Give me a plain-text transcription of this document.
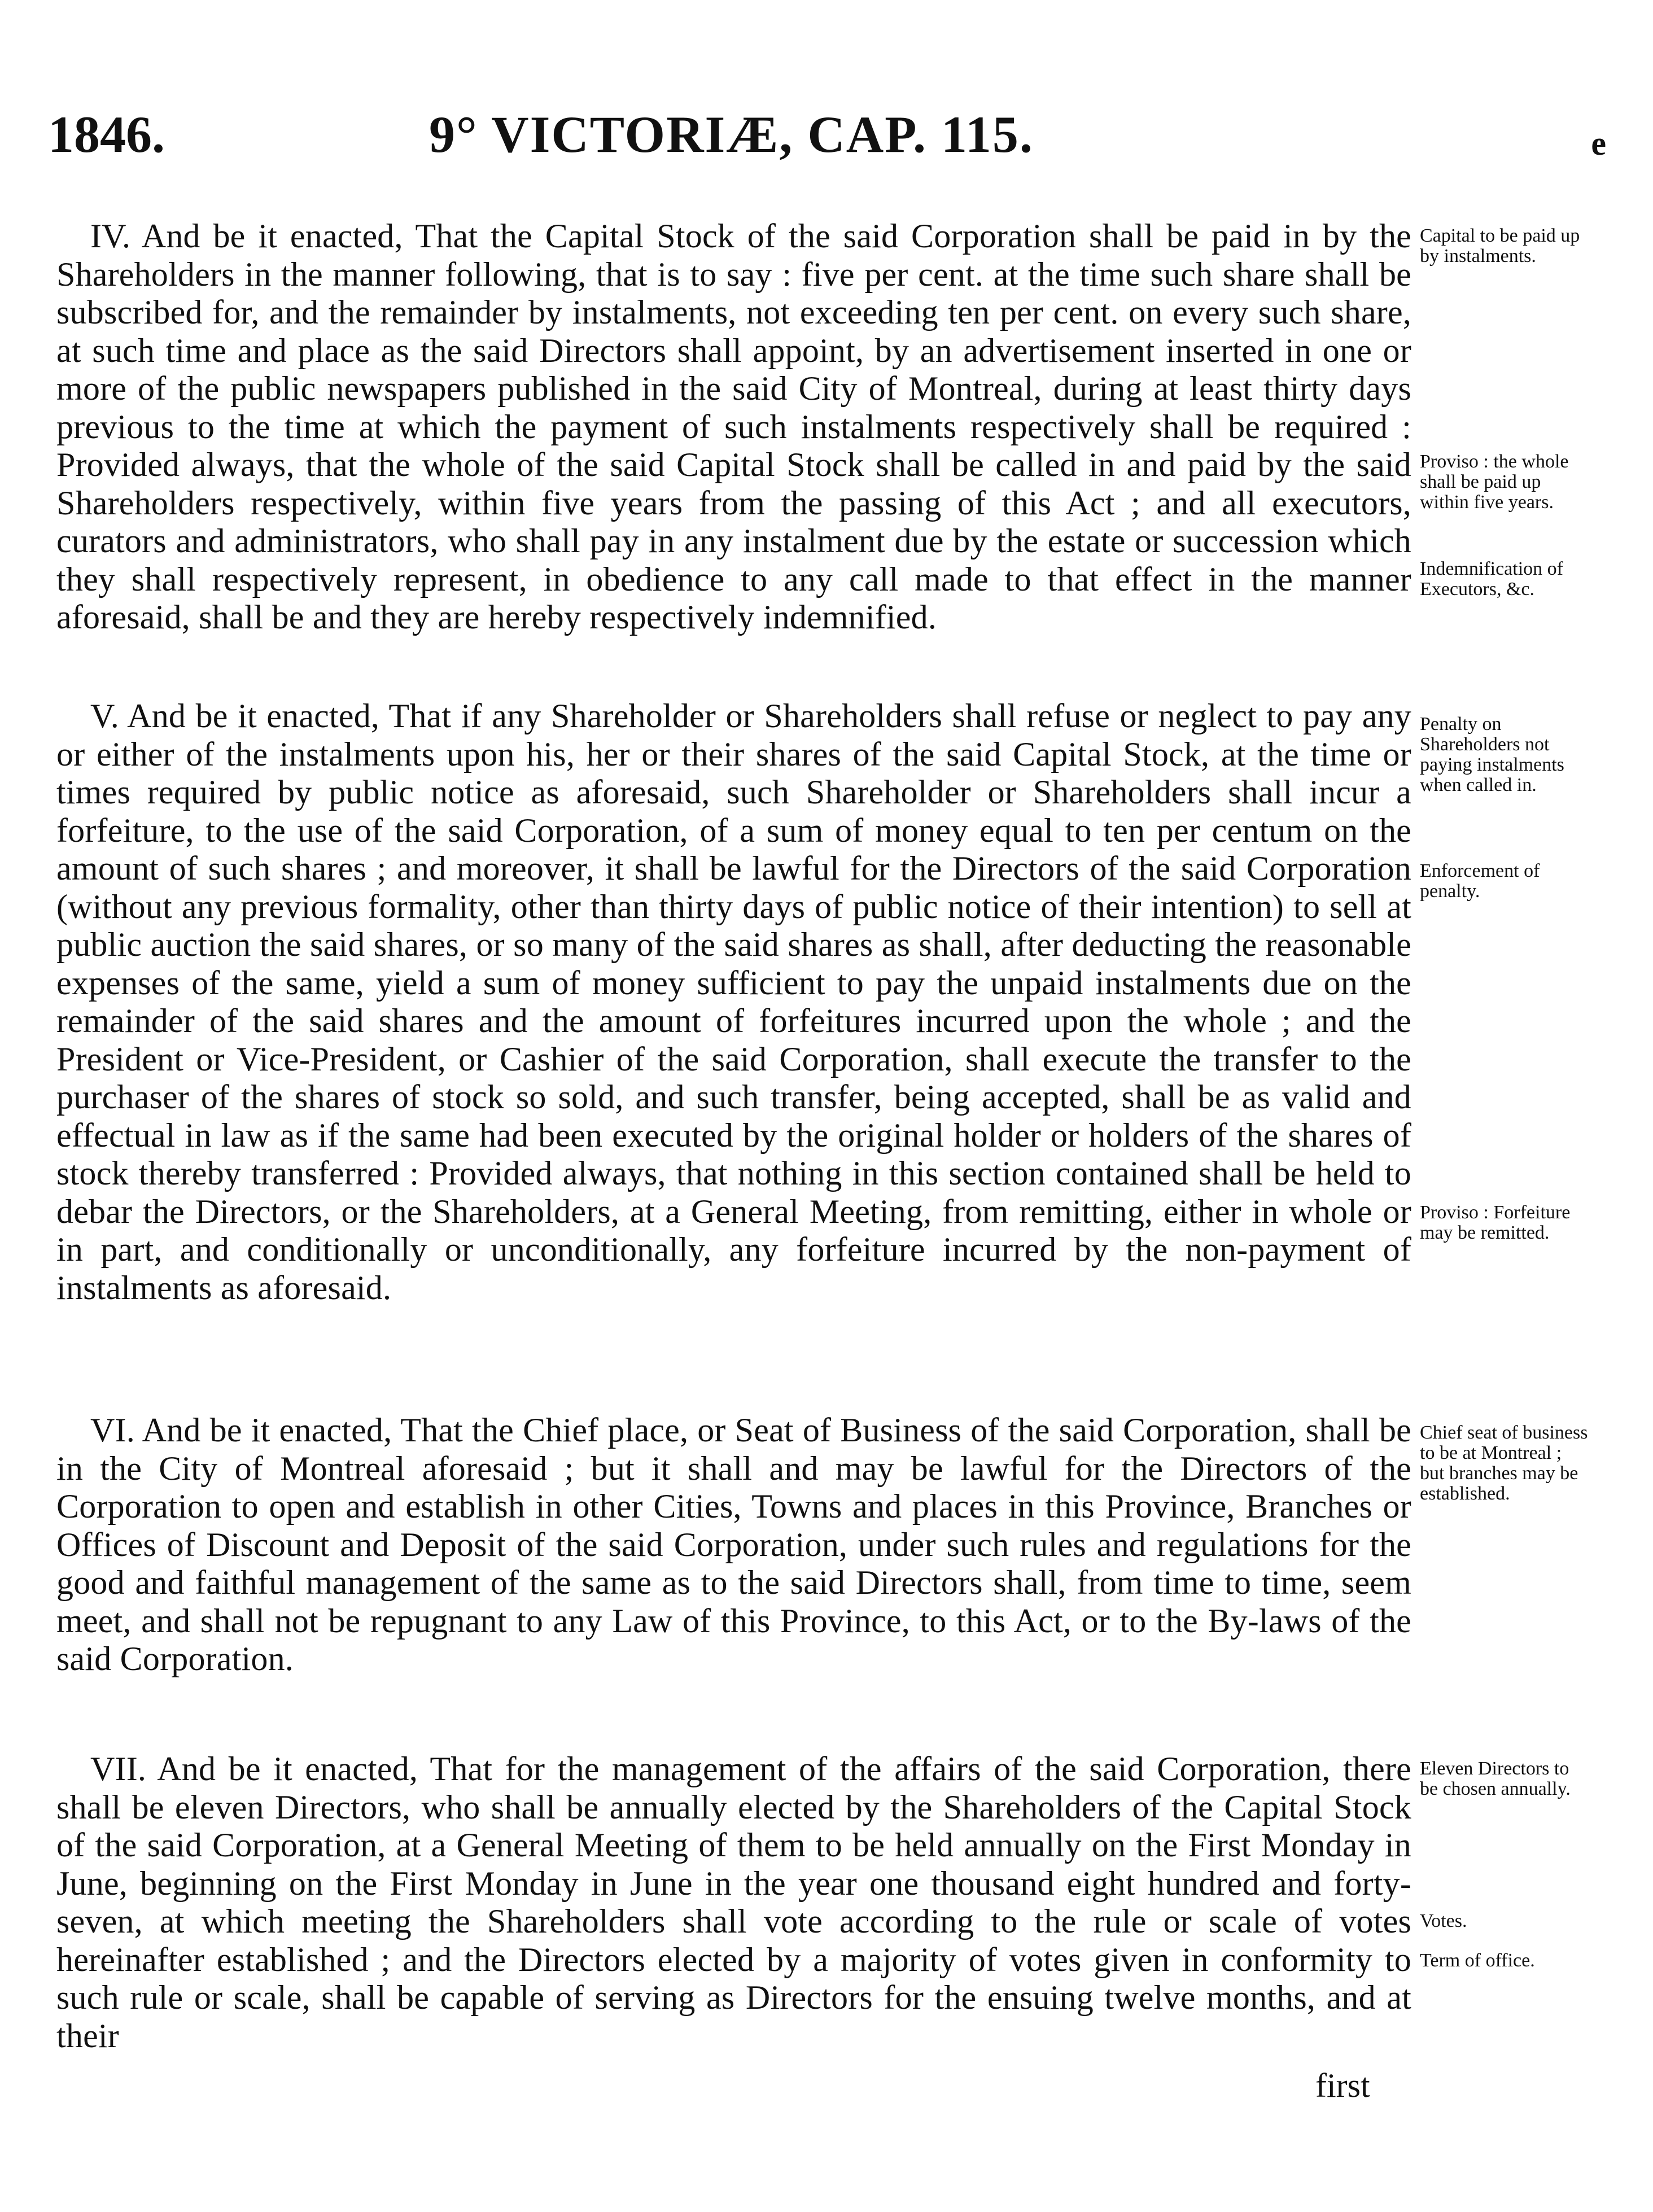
1846.	9° VICTORIÆ, CAP. 115.	e

IV. And be it enacted, That the Capital Stock of the said Corporation shall be paid in by the Shareholders in the manner following, that is to say : five per cent. at the time such share shall be subscribed for, and the remainder by instalments, not exceeding ten per cent. on every such share, at such time and place as the said Directors shall appoint, by an advertisement inserted in one or more of the public newspapers published in the said City of Montreal, during at least thirty days previous to the time at which the payment of such instalments respectively shall be required : Provided always, that the whole of the said Capital Stock shall be called in and paid by the said Shareholders respectively, within five years from the passing of this Act ; and all executors, curators and administrators, who shall pay in any instalment due by the estate or succession which they shall respectively represent, in obedience to any call made to that effect in the manner aforesaid, shall be and they are hereby respectively indemnified.

V. And be it enacted, That if any Shareholder or Shareholders shall refuse or neglect to pay any or either of the instalments upon his, her or their shares of the said Capital Stock, at the time or times required by public notice as aforesaid, such Shareholder or Shareholders shall incur a forfeiture, to the use of the said Corporation, of a sum of money equal to ten per centum on the amount of such shares ; and moreover, it shall be lawful for the Directors of the said Corporation (without any previous formality, other than thirty days of public notice of their intention) to sell at public auction the said shares, or so many of the said shares as shall, after deducting the reasonable expenses of the same, yield a sum of money sufficient to pay the unpaid instalments due on the remainder of the said shares and the amount of forfeitures incurred upon the whole ; and the President or Vice-President, or Cashier of the said Corporation, shall execute the transfer to the purchaser of the shares of stock so sold, and such transfer, being accepted, shall be as valid and effectual in law as if the same had been executed by the original holder or holders of the shares of stock thereby transferred : Provided always, that nothing in this section contained shall be held to debar the Directors, or the Shareholders, at a General Meeting, from remitting, either in whole or in part, and conditionally or unconditionally, any forfeiture incurred by the non-payment of instalments as aforesaid.

VI. And be it enacted, That the Chief place, or Seat of Business of the said Corporation, shall be in the City of Montreal aforesaid ; but it shall and may be lawful for the Directors of the Corporation to open and establish in other Cities, Towns and places in this Province, Branches or Offices of Discount and Deposit of the said Corporation, under such rules and regulations for the good and faithful management of the same as to the said Directors shall, from time to time, seem meet, and shall not be repugnant to any Law of this Province, to this Act, or to the By-laws of the said Corporation.

VII. And be it enacted, That for the management of the affairs of the said Corporation, there shall be eleven Directors, who shall be annually elected by the Shareholders of the Capital Stock of the said Corporation, at a General Meeting of them to be held annually on the First Monday in June, beginning on the First Monday in June in the year one thousand eight hundred and forty-seven, at which meeting the Shareholders shall vote according to the rule or scale of votes hereinafter established ; and the Directors elected by a majority of votes given in conformity to such rule or scale, shall be capable of serving as Directors for the ensuing twelve months, and at their

Capital to be paid up by instalments.
Proviso : the whole shall be paid up within five years.
Indemnification of Executors, &c.
Penalty on Shareholders not paying instalments when called in.
Enforcement of penalty.
Proviso : Forfeiture may be remitted.
Chief seat of business to be at Montreal ; but branches may be established.
Eleven Directors to be chosen annually.
Votes.
Term of office.
first
